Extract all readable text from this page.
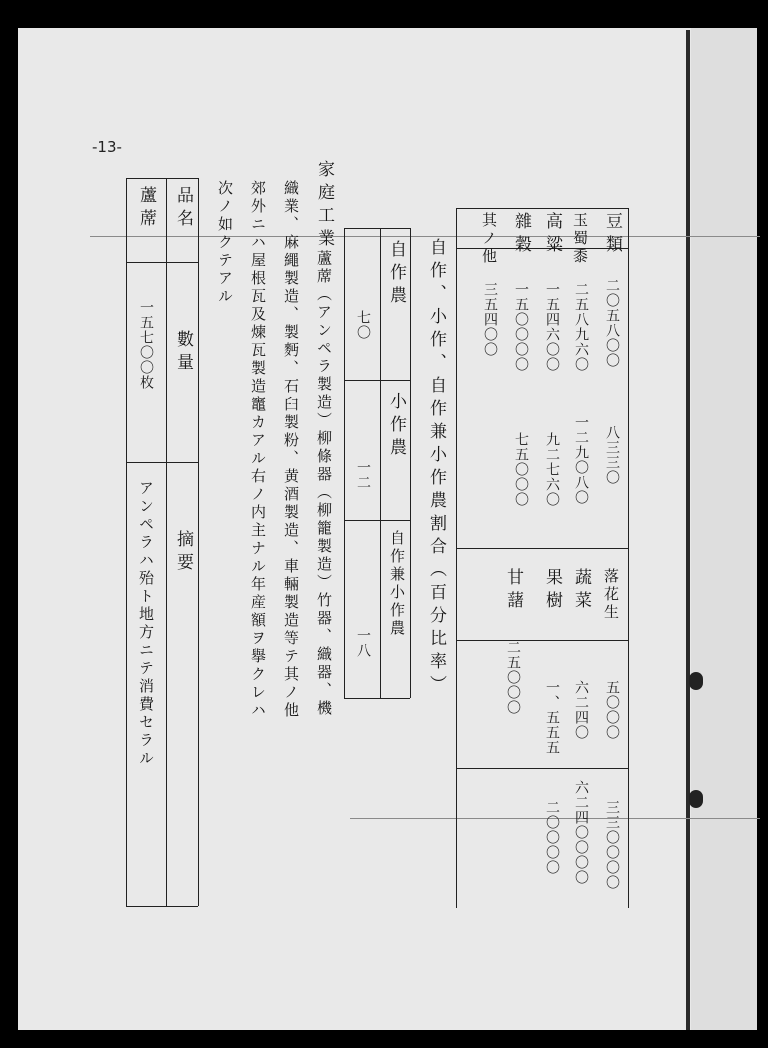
-13-
豆類
二〇五八〇〇
八三三〇
玉蜀黍
二五八九六〇
一二九〇八〇
高粱
一五四六〇〇
九二七六〇
雜穀
一五〇〇〇〇
七五〇〇〇
其ノ他
三五四〇〇
落花生
五〇〇〇
三三〇〇〇〇
蔬菜
六二四〇
六二四〇〇〇〇
果樹
一、五五五
二〇〇〇〇
甘藷
二五〇〇〇
自作、小作、自作兼小作農割合（百分比率）
自作農
小作農
自作兼小作農
七〇
一二
一八
家庭工業
蘆蓆（アンペラ製造）柳條器（柳籠製造）竹器、織器、機
織業、麻繩製造、製麪、石臼製粉、黄酒製造、車輛製造等テ其ノ他
郊外ニハ屋根瓦及煉瓦製造竈カアル右ノ内主ナル年産額ヲ擧クレハ
次ノ如クテアル
品名
數量
摘要
蘆蓆
一五七〇〇枚
アンペラハ殆ト地方ニテ消費セラル
